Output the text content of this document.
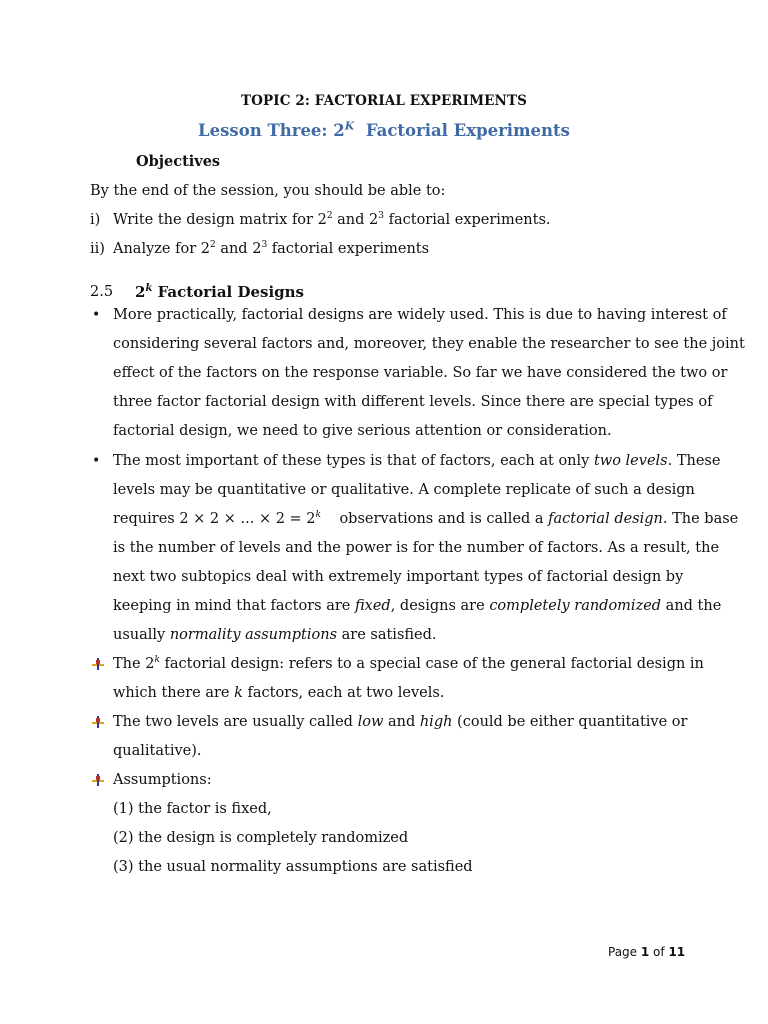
TOPIC 2: FACTORIAL EXPERIMENTS
Lesson Three: $2^K$ Factorial Experiments
Objectives
By the end of the session, you should be able to:
i) Write the design matrix for $2^2$ and $2^3$ factorial experiments.
ii) Analyze for $2^2$ and $2^3$ factorial experiments
2.5 2$^k$ Factorial Designs
• More practically, factorial designs are widely used. This is due to having interest of
considering several factors and, moreover, they enable the researcher to see the joint
effect of the factors on the response variable. So far we have considered the two or
three factor factorial design with different levels. Since there are special types of
factorial design, we need to give serious attention or consideration.
• The most important of these types is that of factors, each at only two levels. These
levels may be quantitative or qualitative. A complete replicate of such a design
requires 2 × 2 × ... × $2 = 2^k$    observations and is called a factorial design. The base
is the number of levels and the power is for the number of factors. As a result, the
next two subtopics deal with extremely important types of factorial design by
keeping in mind that factors are fixed, designs are completely randomized and the
usually normality assumptions are satisfied.
The 2$^k$ factorial design: refers to a special case of the general factorial design in
which there are k factors, each at two levels.
The two levels are usually called low and high (could be either quantitative or
qualitative).
Assumptions:
(1) the factor is fixed,
(2) the design is completely randomized
(3) the usual normality assumptions are satisfied
Page 1 of 11
